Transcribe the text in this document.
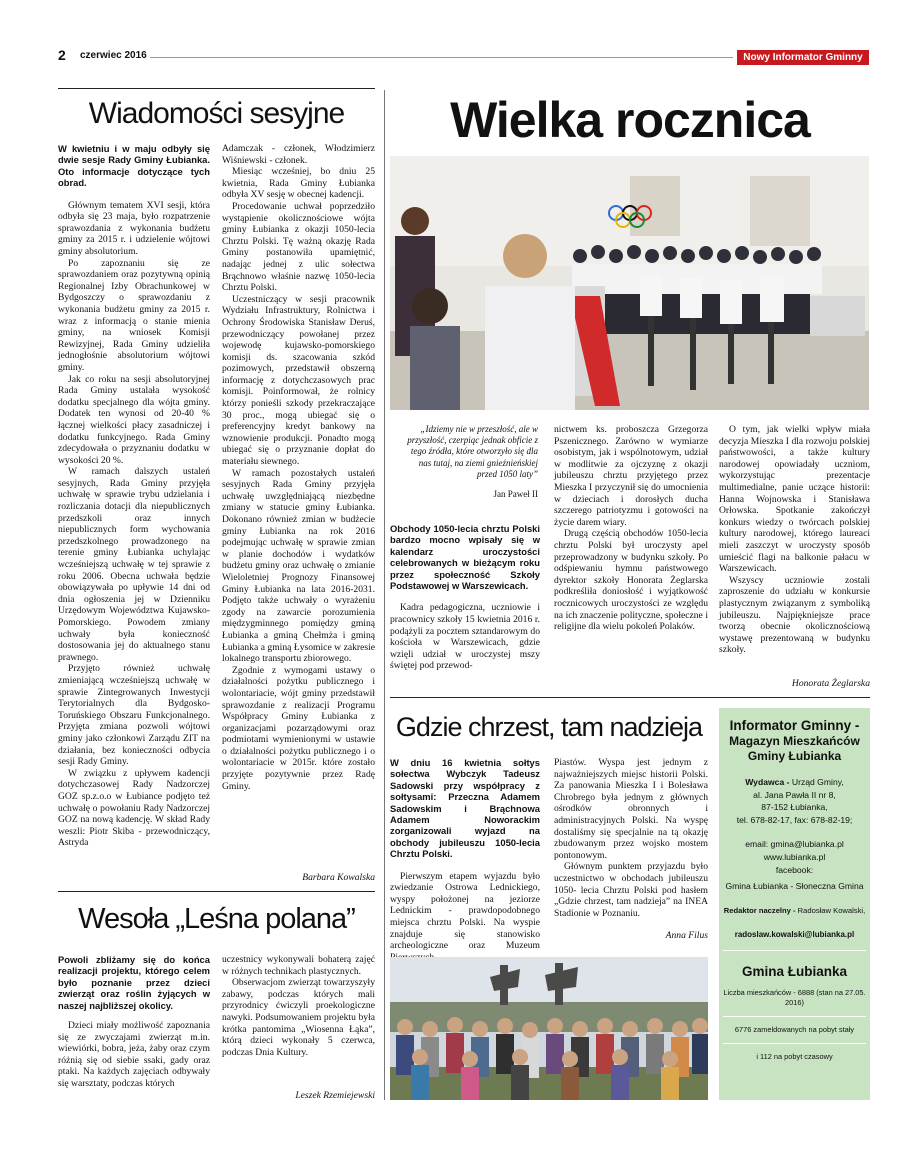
2 czerwiec 2016	Nowy Informator Gminny
Wiadomości sesyjne

W kwietniu i w maju odbyły się dwie sesje Rady Gminy Łubianka. Oto informacje dotyczące tych obrad.

Głównym tematem XVI sesji, która odbyła się 23 maja, było rozpatrzenie sprawozdania z wykonania budżetu gminy za 2015 r. i udzielenie wójtowi gminy absolutorium.

Po zapoznaniu się ze sprawozdaniem oraz pozytywną opinią Regionalnej Izby Obrachunkowej w Bydgoszczy o sprawozdaniu z wykonania budżetu gminy za 2015 r. wraz z informacją o stanie mienia gminy, na wniosek Komisji Rewizyjnej, Rada Gminy udzieliła jednogłośnie absolutorium wójtowi gminy.

Jak co roku na sesji absolutoryjnej Rada Gminy ustalała wysokość dodatku specjalnego dla wójta gminy. Dodatek ten wynosi od 20-40 % łącznej wielkości płacy zasadniczej i dodatku funkcyjnego. Rada Gminy zdecydowała o przyznaniu dodatku w wysokości 20 %.

W ramach dalszych ustaleń sesyjnych, Rada Gminy przyjęła uchwałę w sprawie trybu udzielania i rozliczania dotacji dla niepublicznych przedszkoli oraz innych niepublicznych form wychowania przedszkolnego prowadzonego na terenie gminy Łubianka uchylając wcześniejszą uchwałę w tej sprawie z roku 2006. Obecna uchwała będzie obowiązywała po upływie 14 dni od dnia ogłoszenia jej w Dzienniku Urzędowym Województwa Kujawsko-Pomorskiego. Powodem zmiany uchwały była konieczność dostosowania jej do aktualnego stanu prawnego.

Przyjęto również uchwałę zmieniającą wcześniejszą uchwałę w sprawie Zintegrowanych Inwestycji Terytorialnych dla Bydgosko-Toruńskiego Obszaru Funkcjonalnego. Przyjęta zmiana pozwoli wójtowi gminy jako członkowi Zarządu ZIT na działania, bez konieczności odbycia sesji Rady Gminy.

W związku z upływem kadencji dotychczasowej Rady Nadzorczej GOZ sp.z.o.o w Łubiance podjęto też uchwałę o powołaniu Rady Nadzorczej GOZ na nową kadencję. W skład Rady weszli: Piotr Skiba - przewodniczący, Astryda

Adamczak - członek, Włodzimierz Wiśniewski - członek.

Miesiąc wcześniej, bo dniu 25 kwietnia, Rada Gminy Łubianka odbyła XV sesję w obecnej kadencji.

Procedowanie uchwał poprzedziło wystąpienie okolicznościowe wójta gminy Łubianka z okazji 1050-lecia Chrztu Polski. Tę ważną okazję Rada Gminy postanowiła upamiętnić, nadając jednej z ulic sołectwa Brąchnowo właśnie nazwę 1050-lecia Chrztu Polski.

Uczestniczący w sesji pracownik Wydziału Infrastruktury, Rolnictwa i Ochrony Środowiska Stanisław Deruś, przewodniczący powołanej przez wojewodę kujawsko-pomorskiego komisji ds. szacowania szkód pozimowych, przedstawił obszerną informację z dotychczasowych prac komisji. Poinformował, że rolnicy którzy ponieśli szkody przekraczające 30 proc., mogą ubiegać się o preferencyjny kredyt bankowy na wznowienie produkcji. Ponadto mogą ubiegać się o przyznanie dopłat do materiału siewnego.

W ramach pozostałych ustaleń sesyjnych Rada Gminy przyjęła uchwałę uwzględniającą niezbędne zmiany w statucie gminy Łubianka. Dokonano również zmian w budżecie gminy Łubianka na rok 2016 podejmując uchwałę w sprawie zmian w planie dochodów i wydatków budżetu gminy oraz uchwałę o zmianie Wieloletniej Prognozy Finansowej Gminy Łubianka na lata 2016-2031. Podjęto także uchwały o wyrażeniu zgody na zawarcie porozumienia międzygminnego pomiędzy gminą Łubianka a gminą Chełmża i gminą Łubianka a gminą Łysomice w zakresie lokalnego transportu zbiorowego.

Zgodnie z wymogami ustawy o działalności pożytku publicznego i wolontariacie, wójt gminy przedstawił sprawozdanie z realizacji Programu Współpracy Gminy Łubianka z organizacjami pozarządowymi oraz podmiotami wymienionymi w ustawie o działalności pożytku publicznego i o wolontariacie w 2015r. które zostało przyjęte pozytywnie przez Radę Gminy.

Barbara Kowalska
Wielka rocznica
„Idziemy nie w przeszłość, ale w przyszłość, czerpiąc jednak obficie z tego źródła, które otworzyło się dla nas tutaj, na ziemi gnieźnieńskiej przed 1050 laty”
Jan Paweł II

Obchody 1050-lecia chrztu Polski bardzo mocno wpisały się w kalendarz uroczystości celebrowanych w bieżącym roku przez społeczność Szkoły Podstawowej w Warszewicach.

Kadra pedagogiczna, uczniowie i pracownicy szkoły 15 kwietnia 2016 r. podążyli za pocztem sztandarowym do kościoła w Warszewicach, gdzie wzięli udział w uroczystej mszy świętej pod przewod-

nictwem ks. proboszcza Grzegorza Pszenicznego. Zarówno w wymiarze osobistym, jak i wspólnotowym, udział w modlitwie za ojczyznę z okazji jubileuszu chrztu przyjętego przez Mieszka I przyczynił się do umocnienia w dzieciach i dorosłych ducha szczerego patriotyzmu i gotowości na życie darem wiary.

Drugą częścią obchodów 1050-lecia chrztu Polski był uroczysty apel przeprowadzony w budynku szkoły. Po odśpiewaniu hymnu państwowego dyrektor szkoły Honorata Żeglarska podkreśliła doniosłość i wyjątkowość rocznicowych uroczystości ze względu na ich znaczenie polityczne, społeczne i religijne dla wielu pokoleń Polaków.

O tym, jak wielki wpływ miała decyzja Mieszka I dla rozwoju polskiej państwowości, a także kultury narodowej opowiadały uczniom, wykorzystując prezentacje multimedialne, panie uczące historii: Hanna Wojnowska i Stanisława Orłowska. Spotkanie zakończył konkurs wiedzy o twórcach polskiej kultury narodowej, którego laureaci mieli zaszczyt w uroczysty sposób umieścić flagi na balkonie pałacu w Warszewicach.

Wszyscy uczniowie zostali zaproszenie do udziału w konkursie plastycznym związanym z symboliką jubileuszu. Najpiękniejsze prace tworzą obecnie okolicznościową wystawę prezentowaną w budynku szkoły.

Honorata Żeglarska
Gdzie chrzest, tam nadzieja

W dniu 16 kwietnia sołtys sołectwa Wybczyk Tadeusz Sadowski przy współpracy z sołtysami: Przeczna Adamem Sadowskim i Brąchnowa Adamem Noworackim zorganizowali wyjazd na obchody jubileuszu 1050-lecia Chrztu Polski.

Pierwszym etapem wyjazdu było zwiedzanie Ostrowa Lednickiego, wyspy położonej na jeziorze Lednickim - prawdopodobnego miejsca chrztu Polski. Na wyspie znajduje się stanowisko archeologiczne oraz Muzeum

Piastów. Wyspa jest jednym z najważniejszych miejsc historii Polski. Za panowania Mieszka I i Bolesława Chrobrego była jednym z głównych ośrodków obronnych i administracyjnych Polski. Na wyspę dostaliśmy się specjalnie na tą okazję zbudowanym przez wojsko mostem pontonowym.

Głównym punktem przyjazdu było uczestnictwo w obchodach jubileuszu 1050- lecia Chrztu Polski pod hasłem „Gdzie chrzest, tam nadzieja” na INEA Stadionie w Poznaniu.

Anna Filus
Informator Gminny -
Magazyn Mieszkańców
Gminy Łubianka
Wydawca - Urząd Gminy,
al. Jana Pawła II nr 8,
87-152 Łubianka,
tel. 678-82-17, fax: 678-82-19;
email: gmina@lubianka.pl
www.lubianka.pl
facebook:
Gmina Łubianka - Słoneczna Gmina
Redaktor naczelny - Radosław Kowalski,
radoslaw.kowalski@lubianka.pl
Gmina Łubianka
Liczba mieszkańców - 6888 (stan na 27.05. 2016)
6776 zameldowanych na pobyt stały
i 112 na pobyt czasowy
Wesoła „Leśna polana”

Powoli zbliżamy się do końca realizacji projektu, którego celem było poznanie przez dzieci zwierząt oraz roślin żyjących w naszej najbliższej okolicy.

Dzieci miały możliwość zapoznania się ze zwyczajami zwierząt m.in. wiewiórki, bobra, jeża, żaby oraz czym różnią się od siebie ssaki, gady oraz ptaki. Na każdych zajęciach odbywały się warsztaty, podczas których

uczestnicy wykonywali bohaterą zajęć w różnych technikach plastycznych.

Obserwacjom zwierząt towarzyszyły zabawy, podczas których mali przyrodnicy ćwiczyli proekologiczne nawyki. Podsumowaniem projektu była krótka pantomima „Wiosenna Łąka”, którą dzieci wykonały 5 czerwca, podczas Dnia Kultury.

Leszek Rzemiejewski
